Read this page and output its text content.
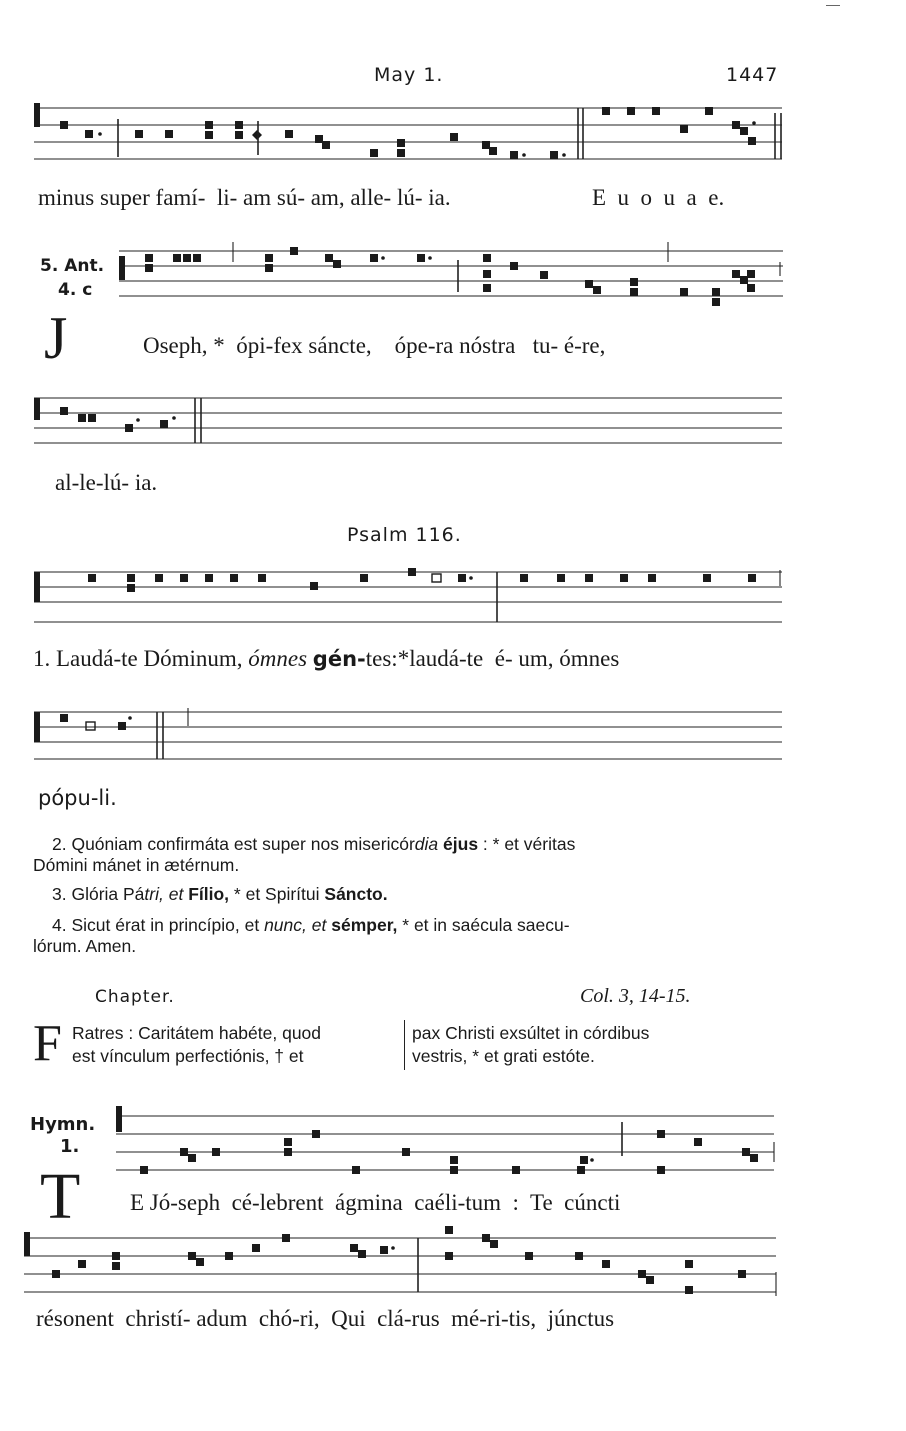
May 1.	1447
minus super famí-  li- am sú- am, alle- lú- ia.	E  u  o  u  a  e.
5. Ant.
4. c
J	Oseph, *  ópi-fex sáncte,    ópe-ra nóstra   tu- é-re,
al-le-lú- ia.
Psalm 116.
1. Laudá-te Dóminum, ómnes gén-tes:*laudá-te  é- um, ómnes
pópu-li.
2. Quóniam confirmáta est super nos misericórdia éjus : * et véritas
Dómini mánet in ætérnum.
3. Glória Pátri, et Fílio, * et Spirítui Sáncto.
4. Sicut érat in princípio, et nunc, et sémper, * et in saécula saecu-
lórum. Amen.
Chapter.	Col. 3, 14-15.
F Ratres : Caritátem habéte, quod
est vínculum perfectiónis, † et
pax Christi exsúltet in córdibus
vestris, * et grati estóte.
Hymn.
1.
T E Jó-seph  cé-lebrent  ágmina  caéli-tum  :  Te  cúncti
résonent  christí- adum  chó-ri,  Qui  clá-rus  mé-ri-tis,  júnctus
